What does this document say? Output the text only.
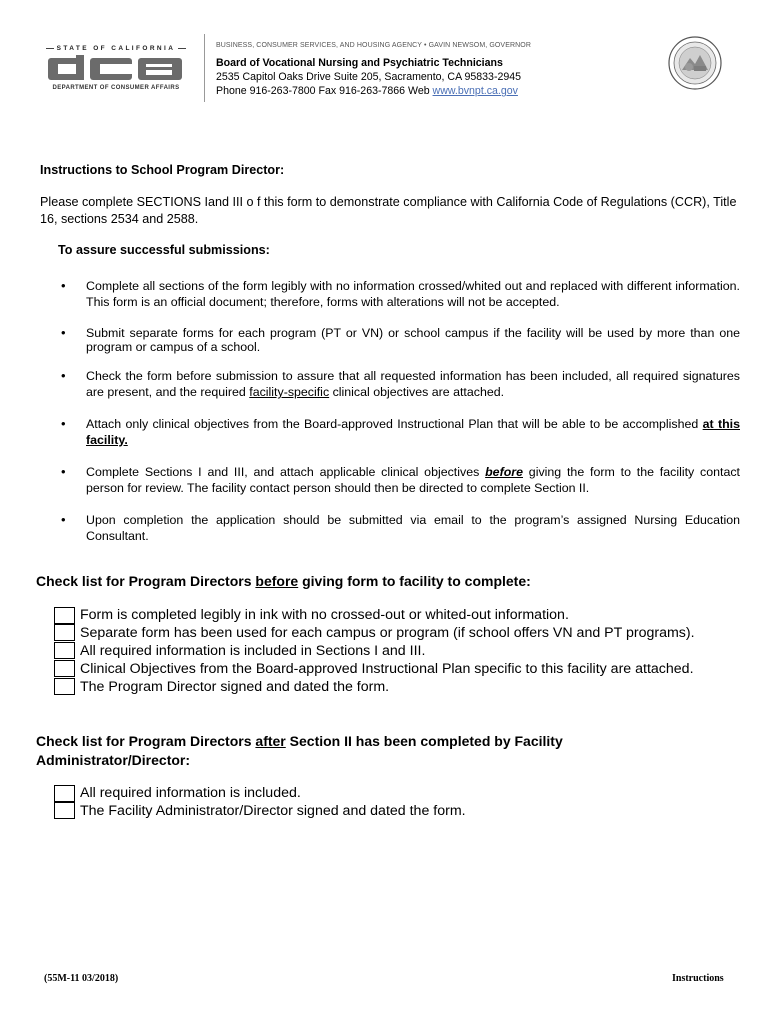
STATE OF CALIFORNIA
DEPARTMENT OF CONSUMER AFFAIRS
BUSINESS, CONSUMER SERVICES, AND HOUSING AGENCY • GAVIN NEWSOM, GOVERNOR
Board of Vocational Nursing and Psychiatric Technicians
2535 Capitol Oaks Drive Suite 205, Sacramento, CA 95833-2945
Phone 916-263-7800 Fax 916-263-7866 Web www.bvnpt.ca.gov
Instructions to School Program Director:
Please complete SECTIONS Iand III o f this form to demonstrate compliance with California Code of Regulations (CCR), Title 16, sections 2534 and 2588.
To assure successful submissions:
• Complete all sections of the form legibly with no information crossed/whited out and replaced with different information. This form is an official document; therefore, forms with alterations will not be accepted.
• Submit separate forms for each program (PT or VN) or school campus if the facility will be used by more than one program or campus of a school.
• Check the form before submission to assure that all requested information has been included, all required signatures are present, and the required facility-specific clinical objectives are attached.
• Attach only clinical objectives from the Board-approved Instructional Plan that will be able to be accomplished at this facility.
• Complete Sections I and III, and attach applicable clinical objectives before giving the form to the facility contact person for review. The facility contact person should then be directed to complete Section II.
• Upon completion the application should be submitted via email to the program’s assigned Nursing Education Consultant.
Check list for Program Directors before giving form to facility to complete:
Form is completed legibly in ink with no crossed-out or whited-out information.
Separate form has been used for each campus or program (if school offers VN and PT programs).
All required information is included in Sections I and III.
Clinical Objectives from the Board-approved Instructional Plan specific to this facility are attached.
The Program Director signed and dated the form.
Check list for Program Directors after Section II has been completed by Facility Administrator/Director:
All required information is included.
The Facility Administrator/Director signed and dated the form.
(55M-11 03/2018)	Instructions
